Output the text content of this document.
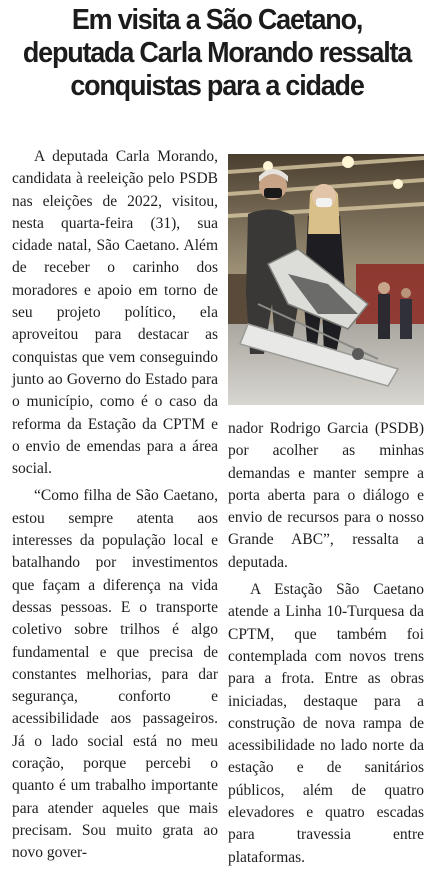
Em visita a São Caetano, deputada Carla Morando ressalta conquistas para a cidade

A deputada Carla Morando, candidata à reeleição pelo PSDB nas eleições de 2022, visitou, nesta quarta-feira (31), sua cidade natal, São Caetano. Além de receber o carinho dos moradores e apoio em torno de seu projeto político, ela aproveitou para destacar as conquistas que vem conseguindo junto ao Governo do Estado para o município, como é o caso da reforma da Estação da CPTM e o envio de emendas para a área social.

“Como filha de São Caetano, estou sempre atenta aos interesses da população local e batalhando por investimentos que façam a diferença na vida dessas pessoas. E o transporte coletivo sobre trilhos é algo fundamental e que precisa de constantes melhorias, para dar segurança, conforto e acessibilidade aos passageiros. Já o lado social está no meu coração, porque percebi o quanto é um trabalho importante para atender aqueles que mais precisam. Sou muito grata ao novo gover-

nador Rodrigo Garcia (PSDB) por acolher as minhas demandas e manter sempre a porta aberta para o diálogo e envio de recursos para o nosso Grande ABC”, ressalta a deputada.

A Estação São Caetano atende a Linha 10-Turquesa da CPTM, que também foi contemplada com novos trens para a frota. Entre as obras iniciadas, destaque para a construção de nova rampa de acessibilidade no lado norte da estação e de sanitários públicos, além de quatro elevadores e quatro escadas para travessia entre plataformas.
